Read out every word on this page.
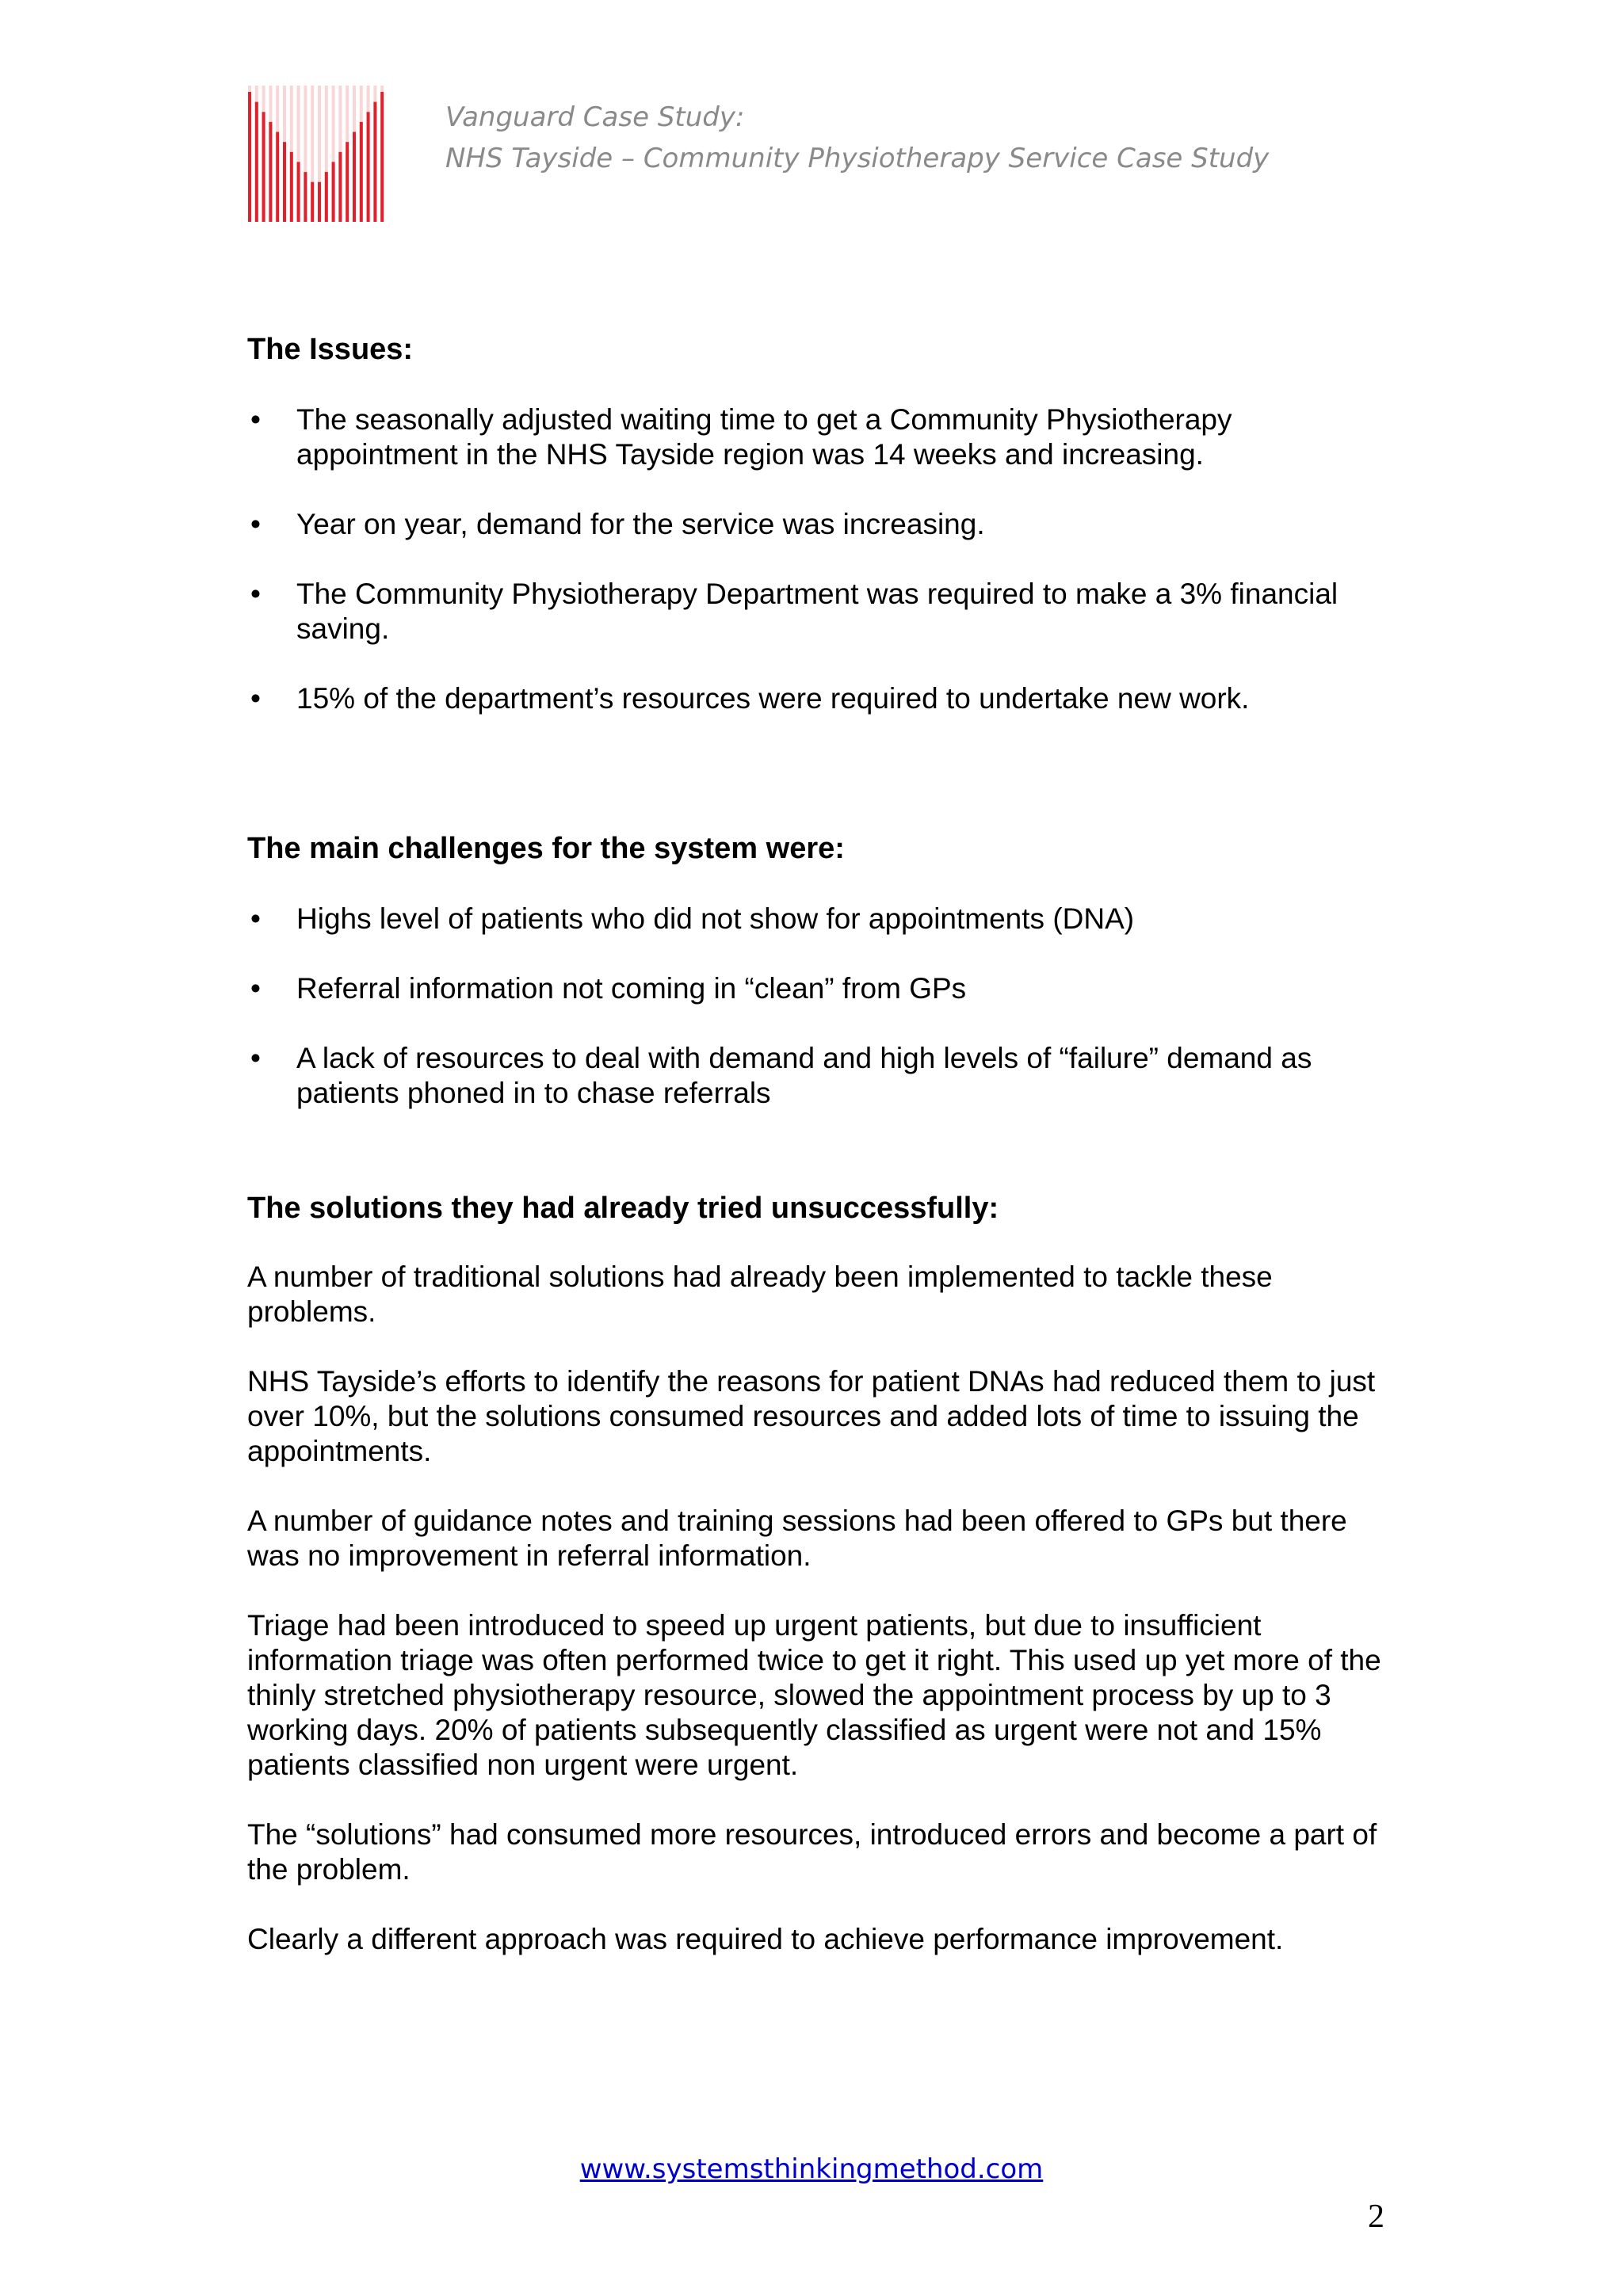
Vanguard Case Study:
NHS Tayside – Community Physiotherapy Service Case Study
The Issues:
• The seasonally adjusted waiting time to get a Community Physiotherapy appointment in the NHS Tayside region was 14 weeks and increasing.
• Year on year, demand for the service was increasing.
• The Community Physiotherapy Department was required to make a 3% financial saving.
• 15% of the department’s resources were required to undertake new work.
The main challenges for the system were:
• Highs level of patients who did not show for appointments (DNA)
• Referral information not coming in “clean” from GPs
• A lack of resources to deal with demand and high levels of “failure” demand as patients phoned in to chase referrals
The solutions they had already tried unsuccessfully:

A number of traditional solutions had already been implemented to tackle these problems.

NHS Tayside’s efforts to identify the reasons for patient DNAs had reduced them to just over 10%, but the solutions consumed resources and added lots of time to issuing the appointments.

A number of guidance notes and training sessions had been offered to GPs but there was no improvement in referral information.

Triage had been introduced to speed up urgent patients, but due to insufficient information triage was often performed twice to get it right. This used up yet more of the thinly stretched physiotherapy resource, slowed the appointment process by up to 3 working days. 20% of patients subsequently classified as urgent were not and 15% patients classified non urgent were urgent.

The “solutions” had consumed more resources, introduced errors and become a part of the problem.

Clearly a different approach was required to achieve performance improvement.

www.systemsthinkingmethod.com
2
